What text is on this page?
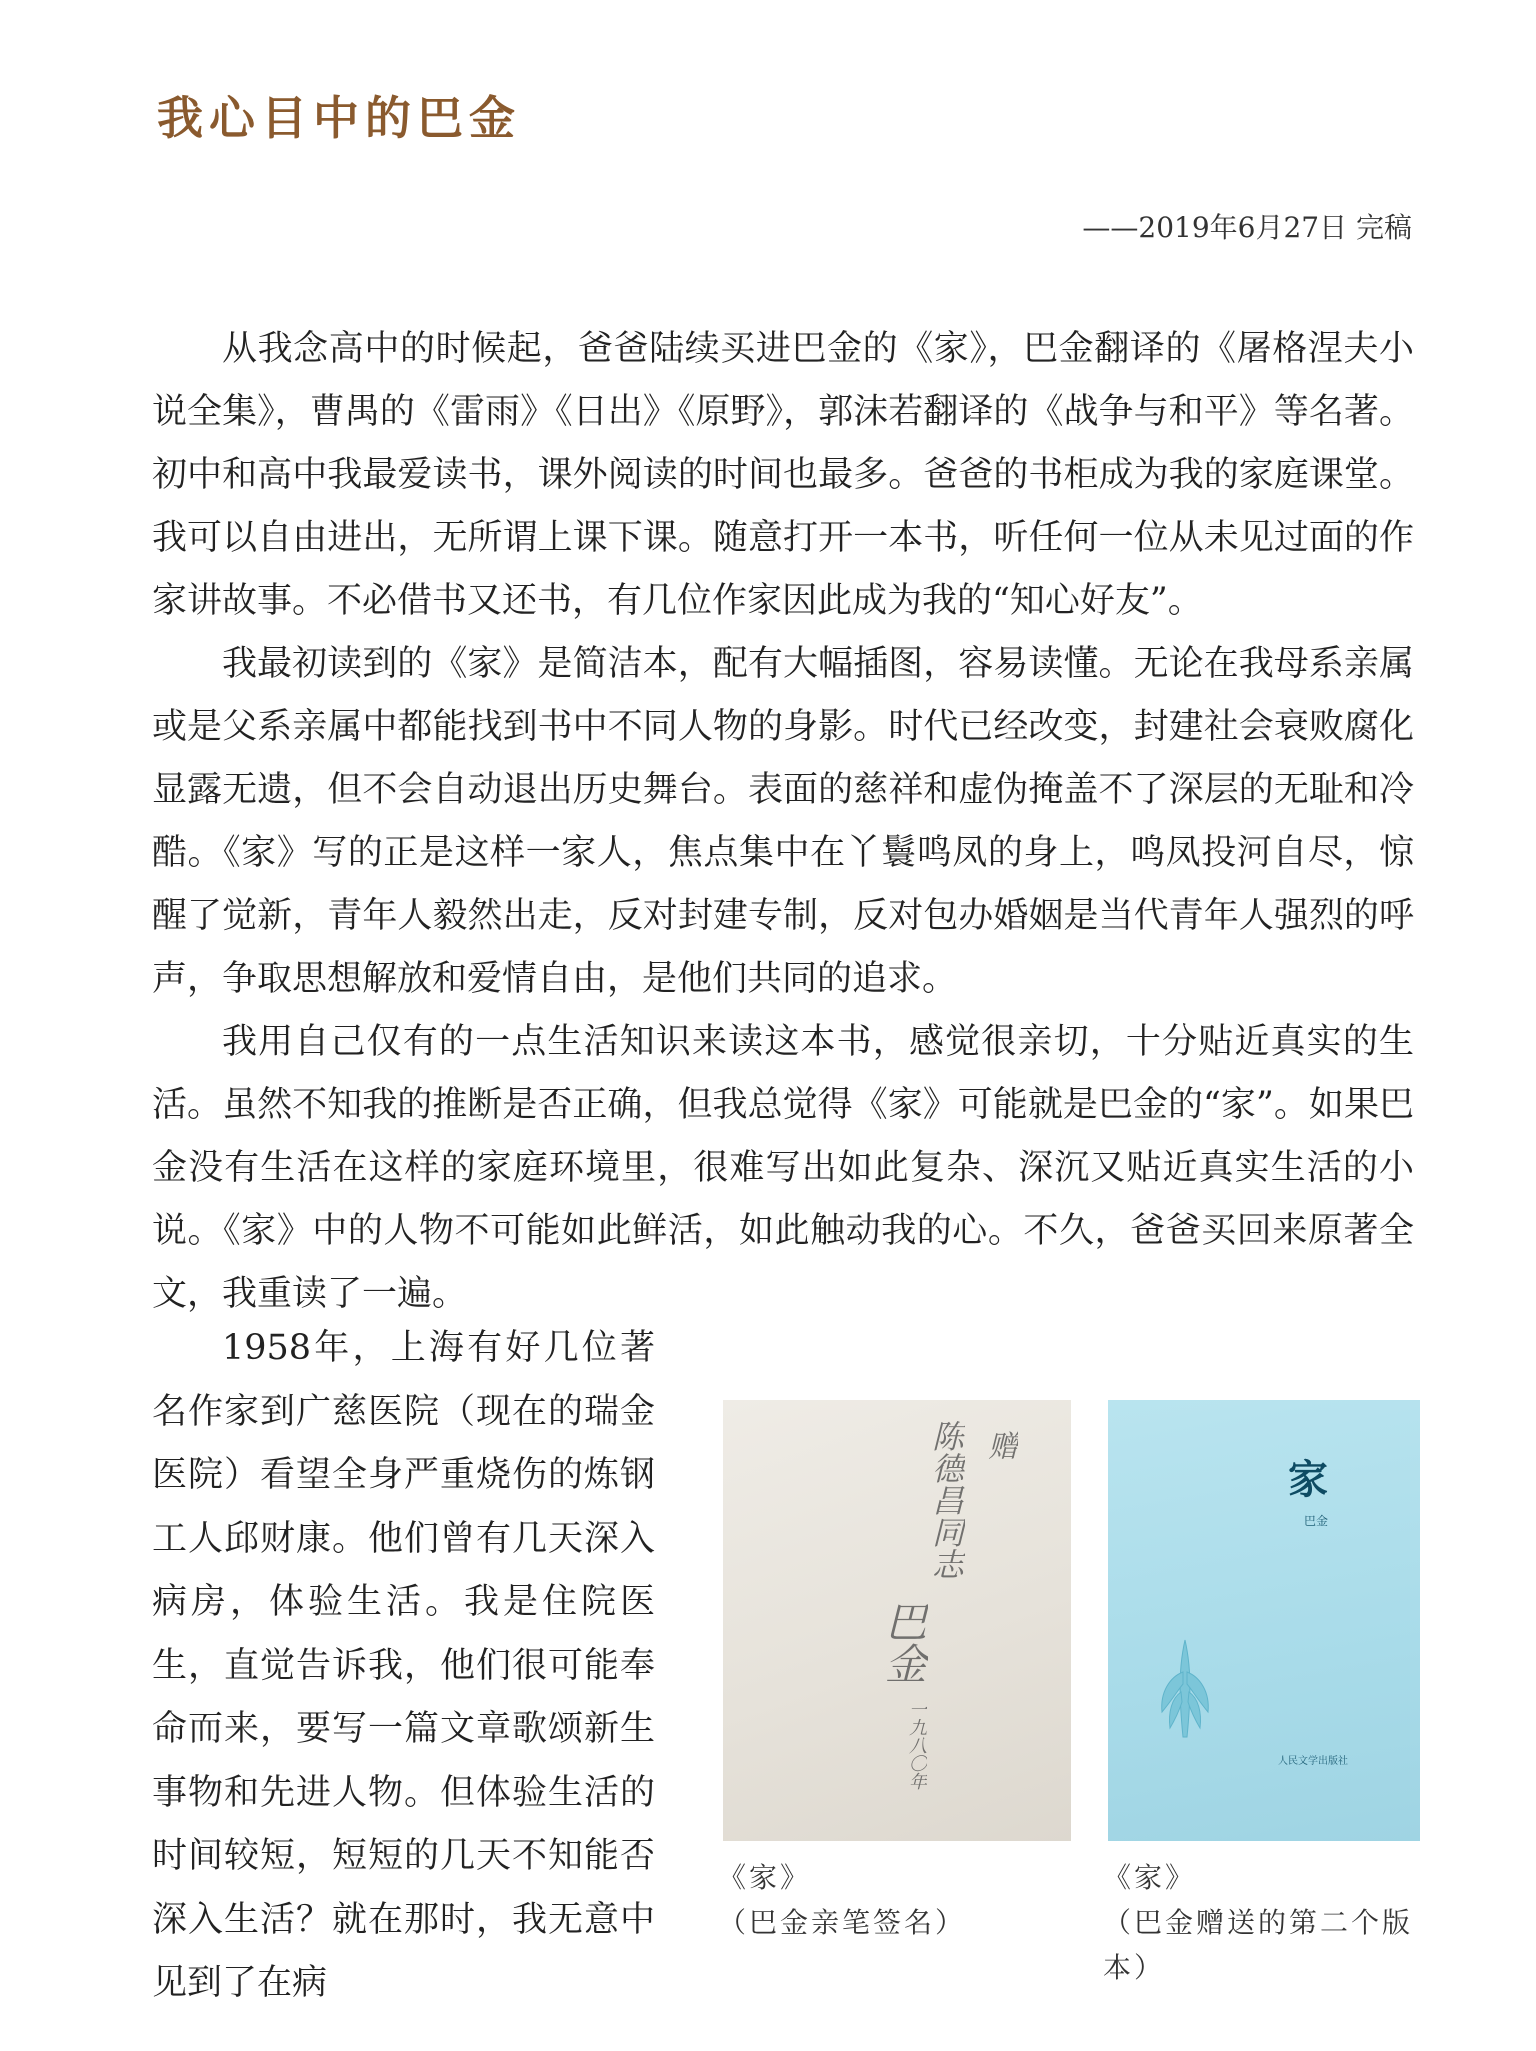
我心目中的巴金
——2019年6月27日 完稿

从我念高中的时候起，爸爸陆续买进巴金的《家》，巴金翻译的《屠格涅夫小说全集》，曹禺的《雷雨》《日出》《原野》，郭沫若翻译的《战争与和平》等名著。初中和高中我最爱读书，课外阅读的时间也最多。爸爸的书柜成为我的家庭课堂。我可以自由进出，无所谓上课下课。随意打开一本书，听任何一位从未见过面的作家讲故事。不必借书又还书，有几位作家因此成为我的“知心好友”。

我最初读到的《家》是简洁本，配有大幅插图，容易读懂。无论在我母系亲属或是父系亲属中都能找到书中不同人物的身影。时代已经改变，封建社会衰败腐化显露无遗，但不会自动退出历史舞台。表面的慈祥和虚伪掩盖不了深层的无耻和冷酷。《家》写的正是这样一家人，焦点集中在丫鬟鸣凤的身上，鸣凤投河自尽，惊醒了觉新，青年人毅然出走，反对封建专制，反对包办婚姻是当代青年人强烈的呼声，争取思想解放和爱情自由，是他们共同的追求。

我用自己仅有的一点生活知识来读这本书，感觉很亲切，十分贴近真实的生活。虽然不知我的推断是否正确，但我总觉得《家》可能就是巴金的“家”。如果巴金没有生活在这样的家庭环境里，很难写出如此复杂、深沉又贴近真实生活的小说。《家》中的人物不可能如此鲜活，如此触动我的心。不久，爸爸买回来原著全文，我重读了一遍。

1958年，上海有好几位著名作家到广慈医院（现在的瑞金医院）看望全身严重烧伤的炼钢工人邱财康。他们曾有几天深入病房，体验生活。我是住院医生，直觉告诉我，他们很可能奉命而来，要写一篇文章歌颂新生事物和先进人物。但体验生活的时间较短，短短的几天不知能否深入生活？就在那时，我无意中见到了在病

赠
陈德昌同志
巴金
一九八〇年
家
巴金
人民文学出版社
《家》
（巴金亲笔签名）
《家》
（巴金赠送的第二个版本）
